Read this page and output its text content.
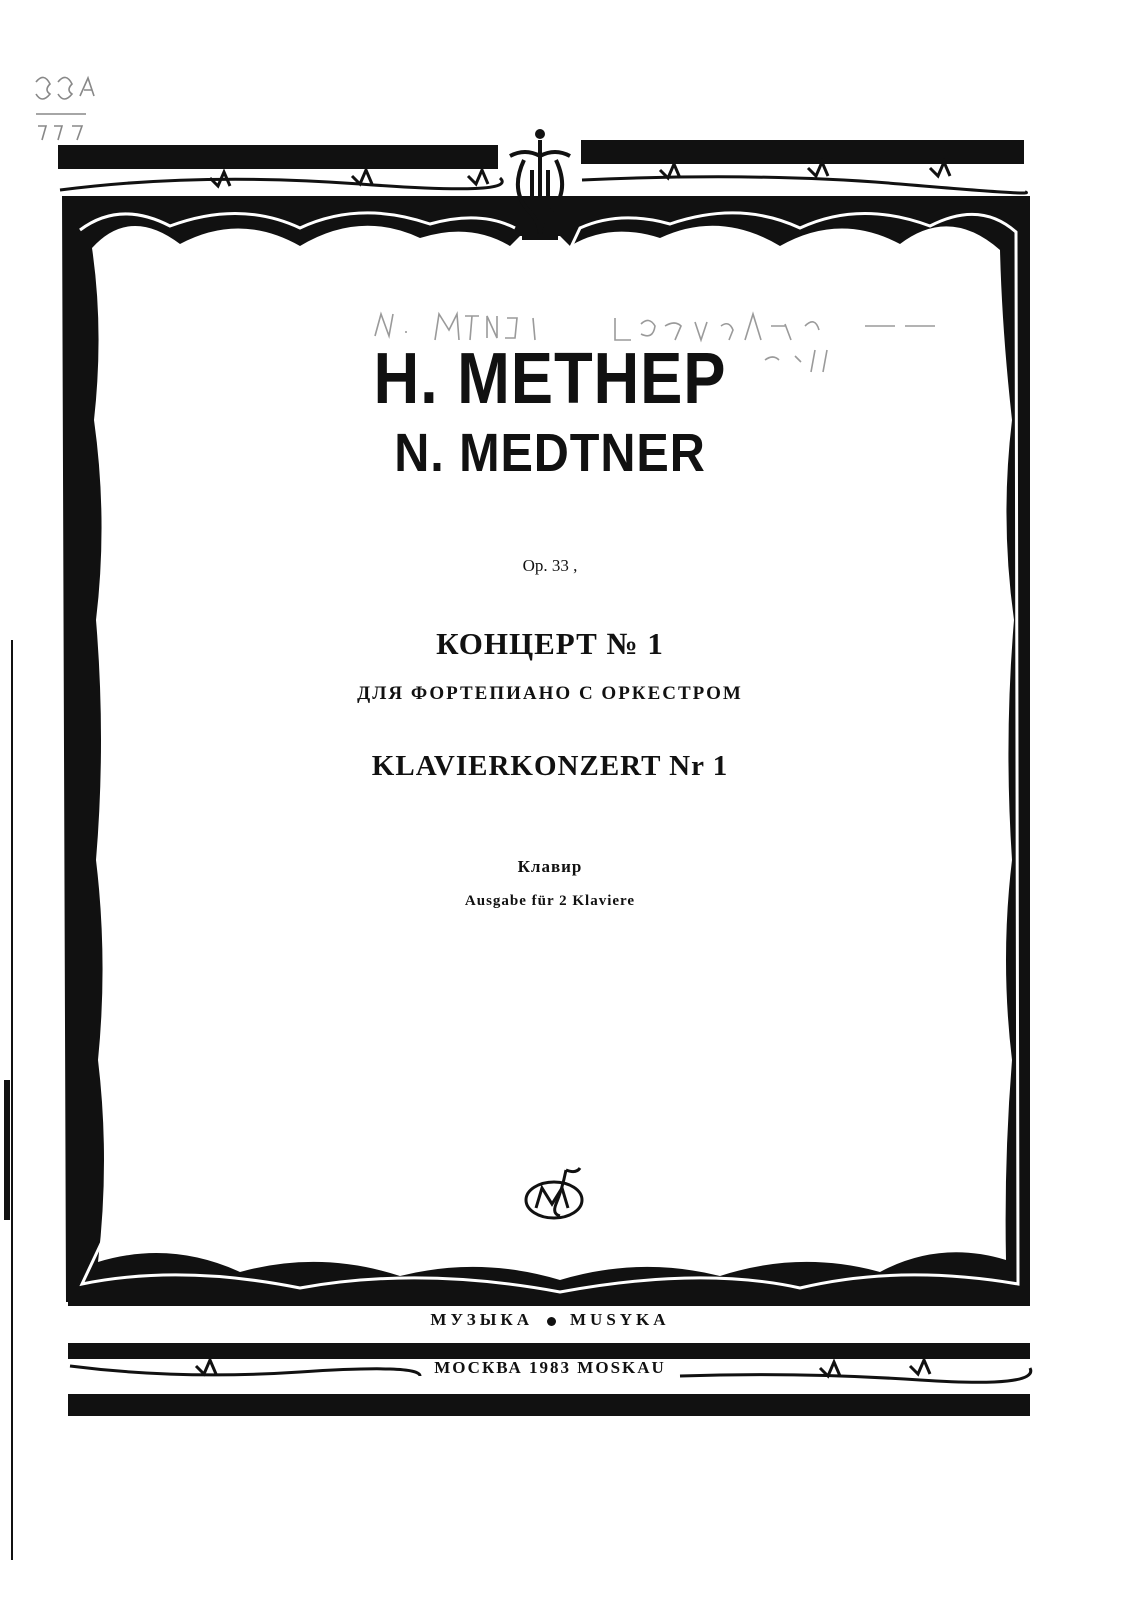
Н. МЕТНЕР
N. MEDTNER
Op. 33 ,
КОНЦЕРТ № 1
ДЛЯ ФОРТЕПИАНО С ОРКЕСТРОМ
KLAVIERKONZERT Nr 1
Клавир
Ausgabe für 2 Klaviere
МУЗЫКА MUSYKA
МОСКВА 1983 MOSKAU
